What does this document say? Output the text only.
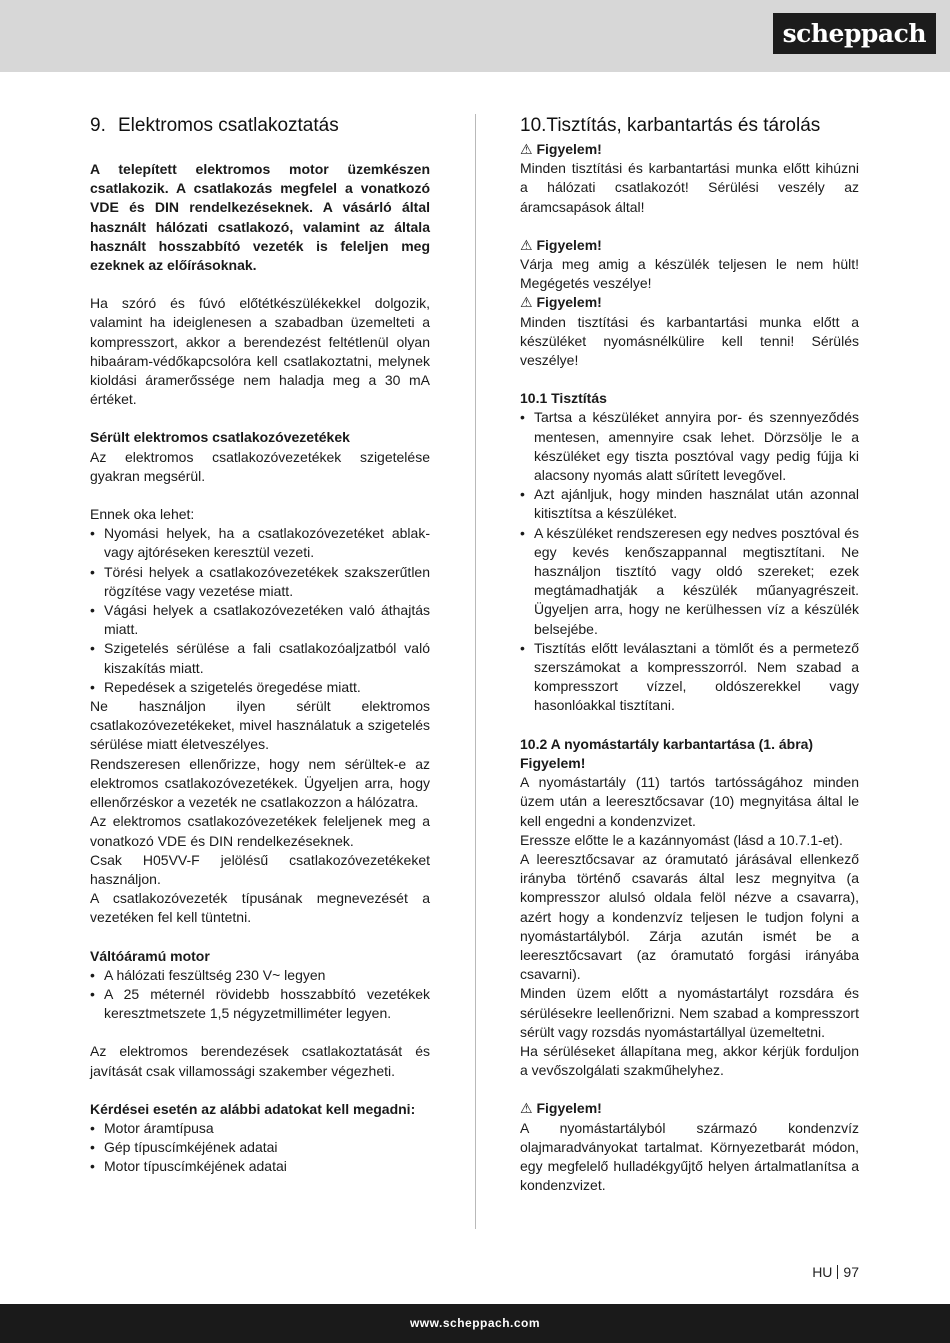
scheppach
9. Elektromos csatlakoztatás

A telepített elektromos motor üzemkészen csatlakozik. A csatlakozás megfelel a vonatkozó VDE és DIN rendelkezéseknek. A vásárló által használt hálózati csatlakozó, valamint az általa használt hosszabbító vezeték is feleljen meg ezeknek az előírásoknak.

Ha szóró és fúvó előtétkészülékekkel dolgozik, valamint ha ideiglenesen a szabadban üzemelteti a kompresszort, akkor a berendezést feltétlenül olyan hibaáram-védőkapcsolóra kell csatlakoztatni, melynek kioldási áramerőssége nem haladja meg a 30 mA értéket.

Sérült elektromos csatlakozóvezetékek

Az elektromos csatlakozóvezetékek szigetelése gyakran megsérül.

Ennek oka lehet:

• Nyomási helyek, ha a csatlakozóvezetéket ablak- vagy ajtóréseken keresztül vezeti.
• Törési helyek a csatlakozóvezetékek szakszerűtlen rögzítése vagy vezetése miatt.
• Vágási helyek a csatlakozóvezetéken való áthajtás miatt.
• Szigetelés sérülése a fali csatlakozóaljzatból való kiszakítás miatt.
• Repedések a szigetelés öregedése miatt.

Ne használjon ilyen sérült elektromos csatlakozóvezetékeket, mivel használatuk a szigetelés sérülése miatt életveszélyes.

Rendszeresen ellenőrizze, hogy nem sérültek-e az elektromos csatlakozóvezetékek. Ügyeljen arra, hogy ellenőrzéskor a vezeték ne csatlakozzon a hálózatra.

Az elektromos csatlakozóvezetékek feleljenek meg a vonatkozó VDE és DIN rendelkezéseknek.

Csak H05VV-F jelölésű csatlakozóvezetékeket használjon.

A csatlakozóvezeték típusának megnevezését a vezetéken fel kell tüntetni.

Váltóáramú motor

• A hálózati feszültség 230 V~ legyen
• A 25 méternél rövidebb hosszabbító vezetékek keresztmetszete 1,5 négyzetmilliméter legyen.

Az elektromos berendezések csatlakoztatását és javítását csak villamossági szakember végezheti.

Kérdései esetén az alábbi adatokat kell megadni:

• Motor áramtípusa
• Gép típuscímkéjének adatai
• Motor típuscímkéjének adatai
10.Tisztítás, karbantartás és tárolás

⚠ Figyelem!

Minden tisztítási és karbantartási munka előtt kihúzni a hálózati csatlakozót! Sérülési veszély az áramcsapások által!

⚠ Figyelem!

Várja meg amig a készülék teljesen le nem hült! Megégetés veszélye!

⚠ Figyelem!

Minden tisztítási és karbantartási munka előtt a készüléket nyomásnélkülire kell tenni! Sérülés veszélye!

10.1 Tisztítás

• Tartsa a készüléket annyira por- és szennyeződés mentesen, amennyire csak lehet. Dörzsölje le a készüléket egy tiszta posztóval vagy pedig fújja ki alacsony nyomás alatt sűrített levegővel.
• Azt ajánljuk, hogy minden használat után azonnal kitisztítsa a készüléket.
• A készüléket rendszeresen egy nedves posztóval és egy kevés kenőszappannal megtisztítani. Ne használjon tisztító vagy oldó szereket; ezek megtámadhatják a készülék műanyagrészeit. Ügyeljen arra, hogy ne kerülhessen víz a készülék belsejébe.
• Tisztítás előtt leválasztani a tömlőt és a permetező szerszámokat a kompresszorról. Nem szabad a kompresszort vízzel, oldószerekkel vagy hasonlóakkal tisztítani.

10.2 A nyomástartály karbantartása (1. ábra)

Figyelem!

A nyomástartály (11) tartós tartósságához minden üzem után a leeresztőcsavar (10) megnyitása által le kell engedni a kondenzvizet.

Eressze előtte le a kazánnyomást (lásd a 10.7.1-et).

A leeresztőcsavar az óramutató járásával ellenkező irányba történő csavarás által lesz megnyitva (a kompresszor alulsó oldala felöl nézve a csavarra), azért hogy a kondenzvíz teljesen le tudjon folyni a nyomástartályból. Zárja azután ismét be a leeresztőcsavart (az óramutató forgási irányába csavarni).

Minden üzem előtt a nyomástartályt rozsdára és sérülésekre leellenőrizni. Nem szabad a kompresszort sérült vagy rozsdás nyomástartállyal üzemeltetni.

Ha sérüléseket állapítana meg, akkor kérjük forduljon a vevőszolgálati szakműhelyhez.

⚠ Figyelem!

A nyomástartályból származó kondenzvíz olajmaradványokat tartalmat. Környezetbarát módon, egy megfelelő hulladékgyűjtő helyen ártalmatlanítsa a kondenzvizet.

HU 97
www.scheppach.com
